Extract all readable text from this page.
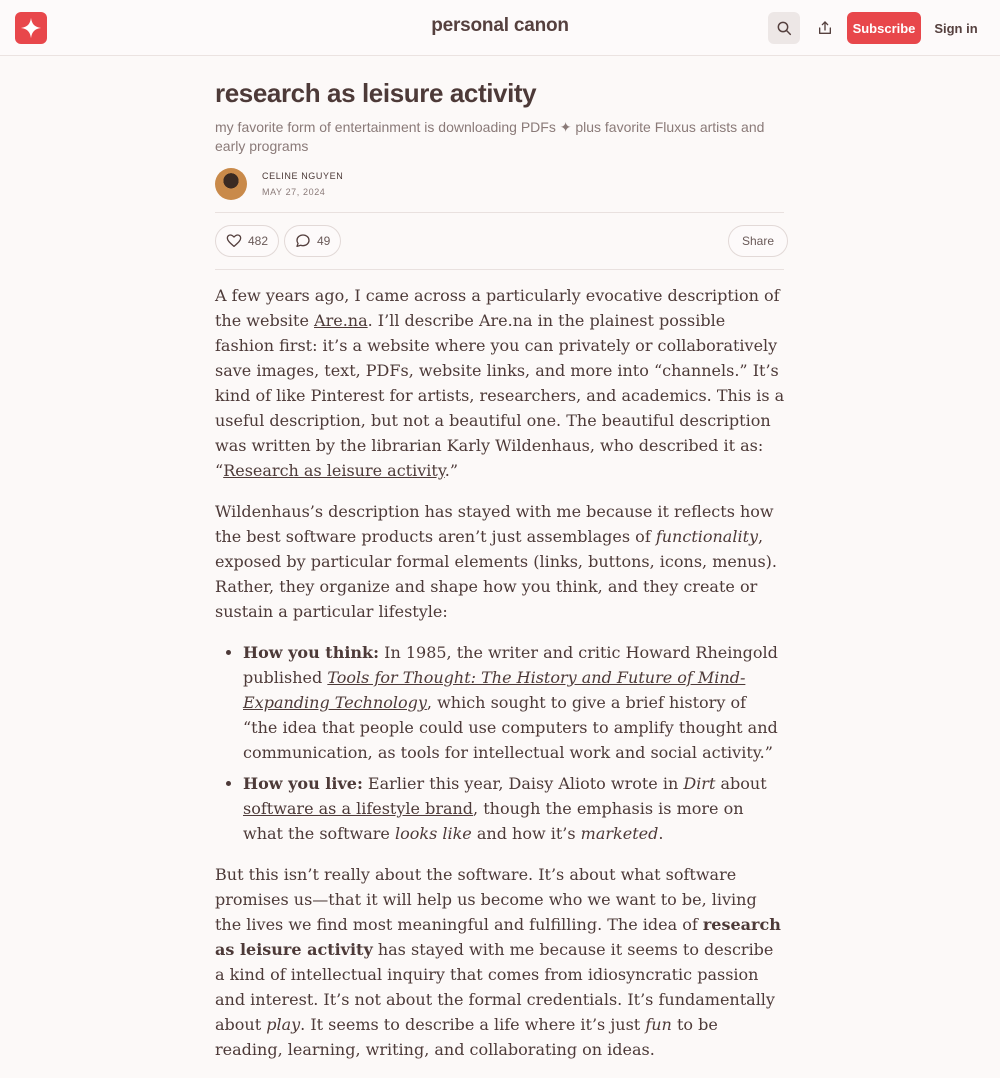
personal canon	Subscribe	Sign in
research as leisure activity

my favorite form of entertainment is downloading PDFs ✦ plus favorite Fluxus artists and early programs

CELINE NGUYEN
MAY 27, 2024
482	49	Share

A few years ago, I came across a particularly evocative description of the website Are.na. I’ll describe Are.na in the plainest possible fashion first: it’s a website where you can privately or collaboratively save images, text, PDFs, website links, and more into “channels.” It’s kind of like Pinterest for artists, researchers, and academics. This is a useful description, but not a beautiful one. The beautiful description was written by the librarian Karly Wildenhaus, who described it as: “Research as leisure activity.”

Wildenhaus’s description has stayed with me because it reflects how the best software products aren’t just assemblages of functionality, exposed by particular formal elements (links, buttons, icons, menus). Rather, they organize and shape how you think, and they create or sustain a particular lifestyle:

• How you think: In 1985, the writer and critic Howard Rheingold published Tools for Thought: The History and Future of Mind-Expanding Technology, which sought to give a brief history of “the idea that people could use computers to amplify thought and communication, as tools for intellectual work and social activity.”
• How you live: Earlier this year, Daisy Alioto wrote in Dirt about software as a lifestyle brand, though the emphasis is more on what the software looks like and how it’s marketed.

But this isn’t really about the software. It’s about what software promises us—that it will help us become who we want to be, living the lives we find most meaningful and fulfilling. The idea of research as leisure activity has stayed with me because it seems to describe a kind of intellectual inquiry that comes from idiosyncratic passion and interest. It’s not about the formal credentials. It’s fundamentally about play. It seems to describe a life where it’s just fun to be reading, learning, writing, and collaborating on ideas.
